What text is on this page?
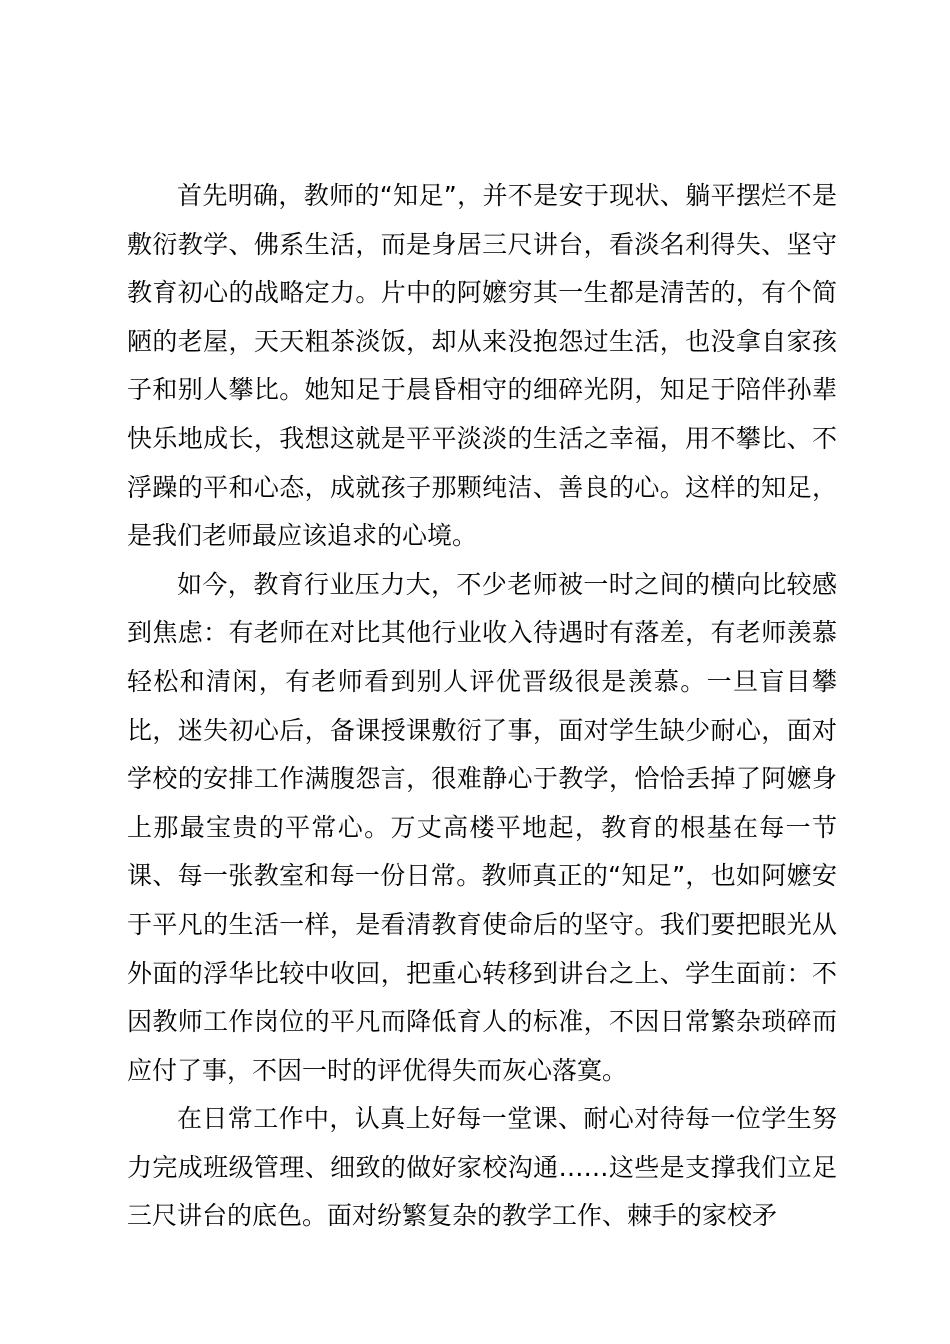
首先明确，教师的“知足”，并不是安于现状、躺平摆烂不是敷衍教学、佛系生活，而是身居三尺讲台，看淡名利得失、坚守教育初心的战略定力。片中的阿嬷穷其一生都是清苦的，有个简陋的老屋，天天粗茶淡饭，却从来没抱怨过生活，也没拿自家孩子和别人攀比。她知足于晨昏相守的细碎光阴，知足于陪伴孙辈快乐地成长，我想这就是平平淡淡的生活之幸福，用不攀比、不浮躁的平和心态，成就孩子那颗纯洁、善良的心。这样的知足，是我们老师最应该追求的心境。

如今，教育行业压力大，不少老师被一时之间的横向比较感到焦虑：有老师在对比其他行业收入待遇时有落差，有老师羡慕轻松和清闲，有老师看到别人评优晋级很是羡慕。一旦盲目攀比，迷失初心后，备课授课敷衍了事，面对学生缺少耐心，面对学校的安排工作满腹怨言，很难静心于教学，恰恰丢掉了阿嬷身上那最宝贵的平常心。万丈高楼平地起，教育的根基在每一节课、每一张教室和每一份日常。教师真正的“知足”，也如阿嬷安于平凡的生活一样，是看清教育使命后的坚守。我们要把眼光从外面的浮华比较中收回，把重心转移到讲台之上、学生面前：不因教师工作岗位的平凡而降低育人的标准，不因日常繁杂琐碎而应付了事，不因一时的评优得失而灰心落寞。

在日常工作中，认真上好每一堂课、耐心对待每一位学生努力完成班级管理、细致的做好家校沟通……这些是支撑我们立足三尺讲台的底色。面对纷繁复杂的教学工作、棘手的家校矛
